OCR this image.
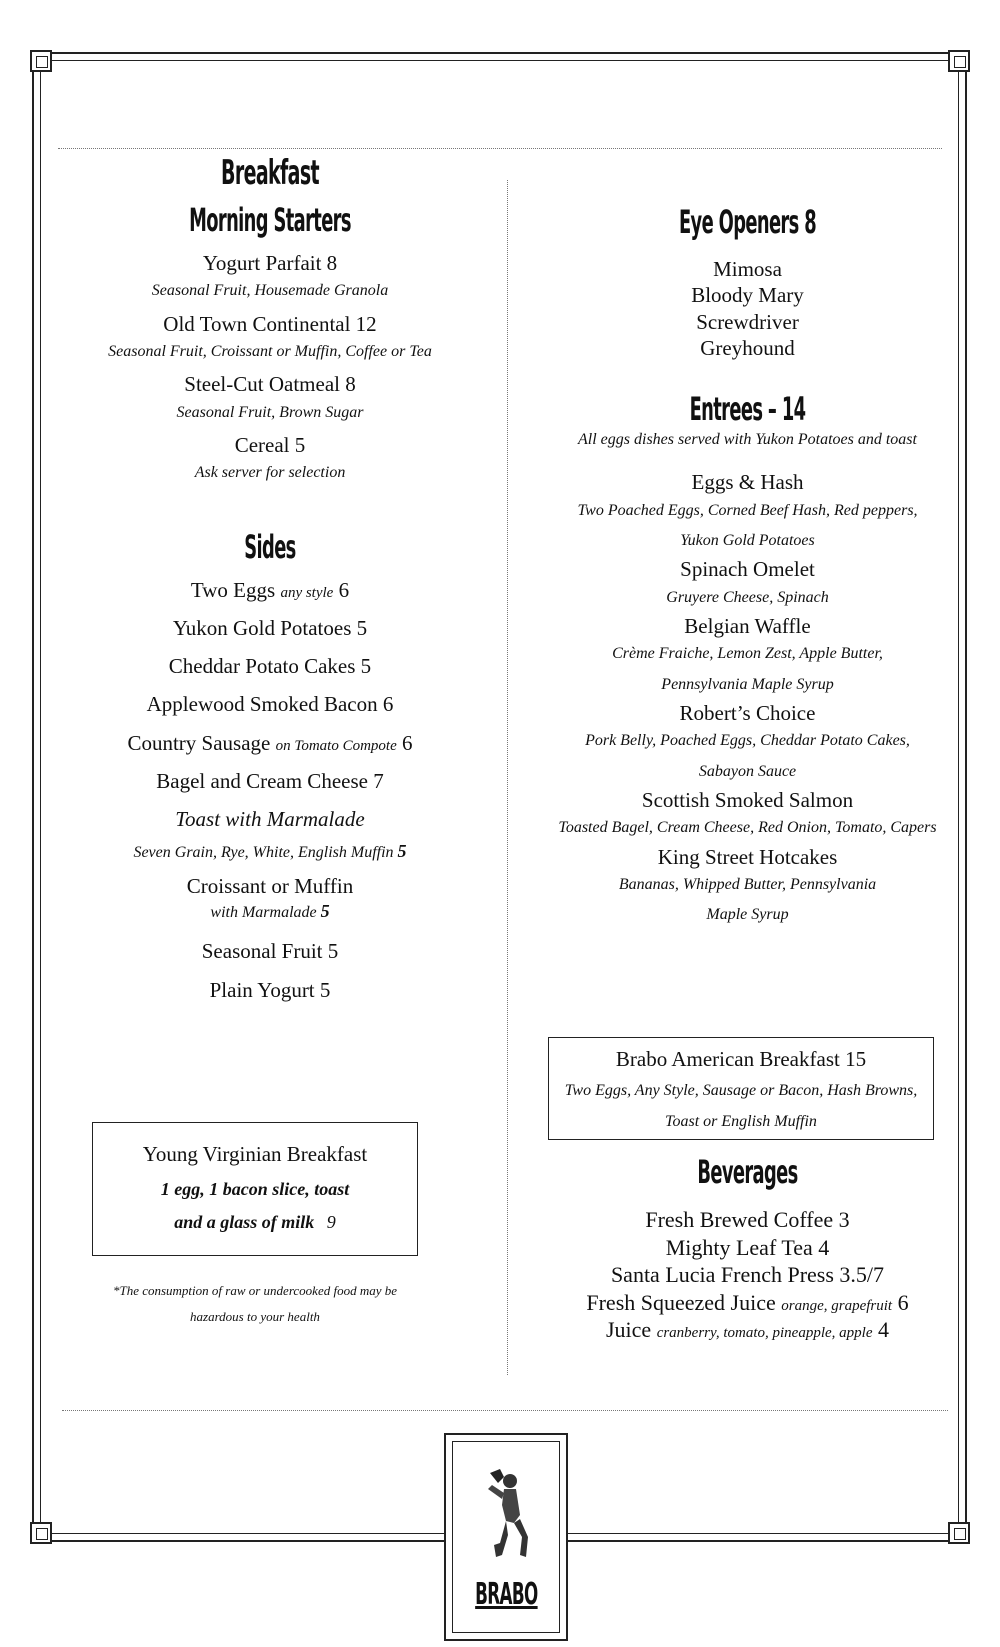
Breakfast
Morning Starters
Yogurt Parfait 8
Seasonal Fruit, Housemade Granola
Old Town Continental 12
Seasonal Fruit, Croissant or Muffin, Coffee or Tea
Steel-Cut Oatmeal 8
Seasonal Fruit, Brown Sugar
Cereal 5
Ask server for selection
Sides
Two Eggs any style 6
Yukon Gold Potatoes 5
Cheddar Potato Cakes 5
Applewood Smoked Bacon 6
Country Sausage on Tomato Compote 6
Bagel and Cream Cheese 7
Toast with Marmalade
Seven Grain, Rye, White, English Muffin 5
Croissant or Muffin
with Marmalade 5
Seasonal Fruit 5
Plain Yogurt 5
Young Virginian Breakfast
1 egg, 1 bacon slice, toast
and a glass of milk 9
*The consumption of raw or undercooked food may be
hazardous to your health
Eye Openers 8
Mimosa
Bloody Mary
Screwdriver
Greyhound
Entrees – 14
All eggs dishes served with Yukon Potatoes and toast
Eggs & Hash
Two Poached Eggs, Corned Beef Hash, Red peppers,
Yukon Gold Potatoes
Spinach Omelet
Gruyere Cheese, Spinach
Belgian Waffle
Crème Fraiche, Lemon Zest, Apple Butter,
Pennsylvania Maple Syrup
Robert’s Choice
Pork Belly, Poached Eggs, Cheddar Potato Cakes,
Sabayon Sauce
Scottish Smoked Salmon
Toasted Bagel, Cream Cheese, Red Onion, Tomato, Capers
King Street Hotcakes
Bananas, Whipped Butter, Pennsylvania
Maple Syrup
Brabo American Breakfast 15
Two Eggs, Any Style, Sausage or Bacon, Hash Browns,
Toast or English Muffin
Beverages
Fresh Brewed Coffee 3
Mighty Leaf Tea 4
Santa Lucia French Press 3.5/7
Fresh Squeezed Juice orange, grapefruit 6
Juice cranberry, tomato, pineapple, apple 4
BRABO
